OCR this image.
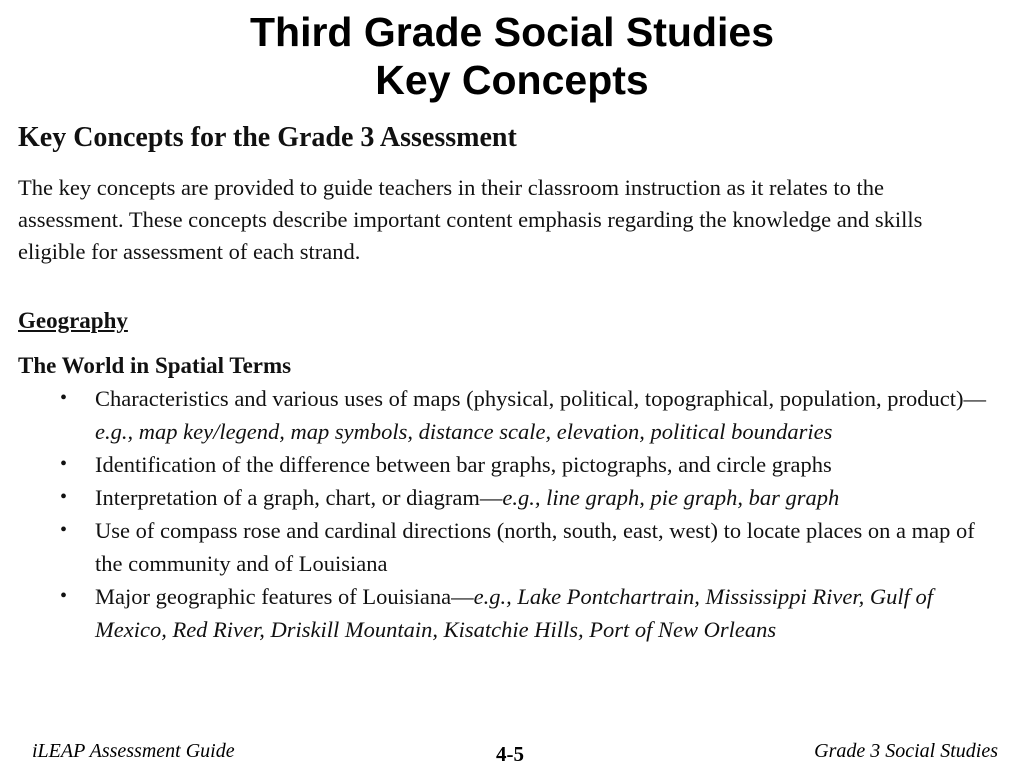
Third Grade Social Studies
Key Concepts
Key Concepts for the Grade 3 Assessment

The key concepts are provided to guide teachers in their classroom instruction as it relates to the assessment. These concepts describe important content emphasis regarding the knowledge and skills eligible for assessment of each strand.

Geography
The World in Spatial Terms
• Characteristics and various uses of maps (physical, political, topographical, population, product)—e.g., map key/legend, map symbols, distance scale, elevation, political boundaries
• Identification of the difference between bar graphs, pictographs, and circle graphs
• Interpretation of a graph, chart, or diagram—e.g., line graph, pie graph, bar graph
• Use of compass rose and cardinal directions (north, south, east, west) to locate places on a map of the community and of Louisiana
• Major geographic features of Louisiana—e.g., Lake Pontchartrain, Mississippi River, Gulf of Mexico, Red River, Driskill Mountain, Kisatchie Hills, Port of New Orleans
iLEAP Assessment Guide	4-5	Grade 3 Social Studies
